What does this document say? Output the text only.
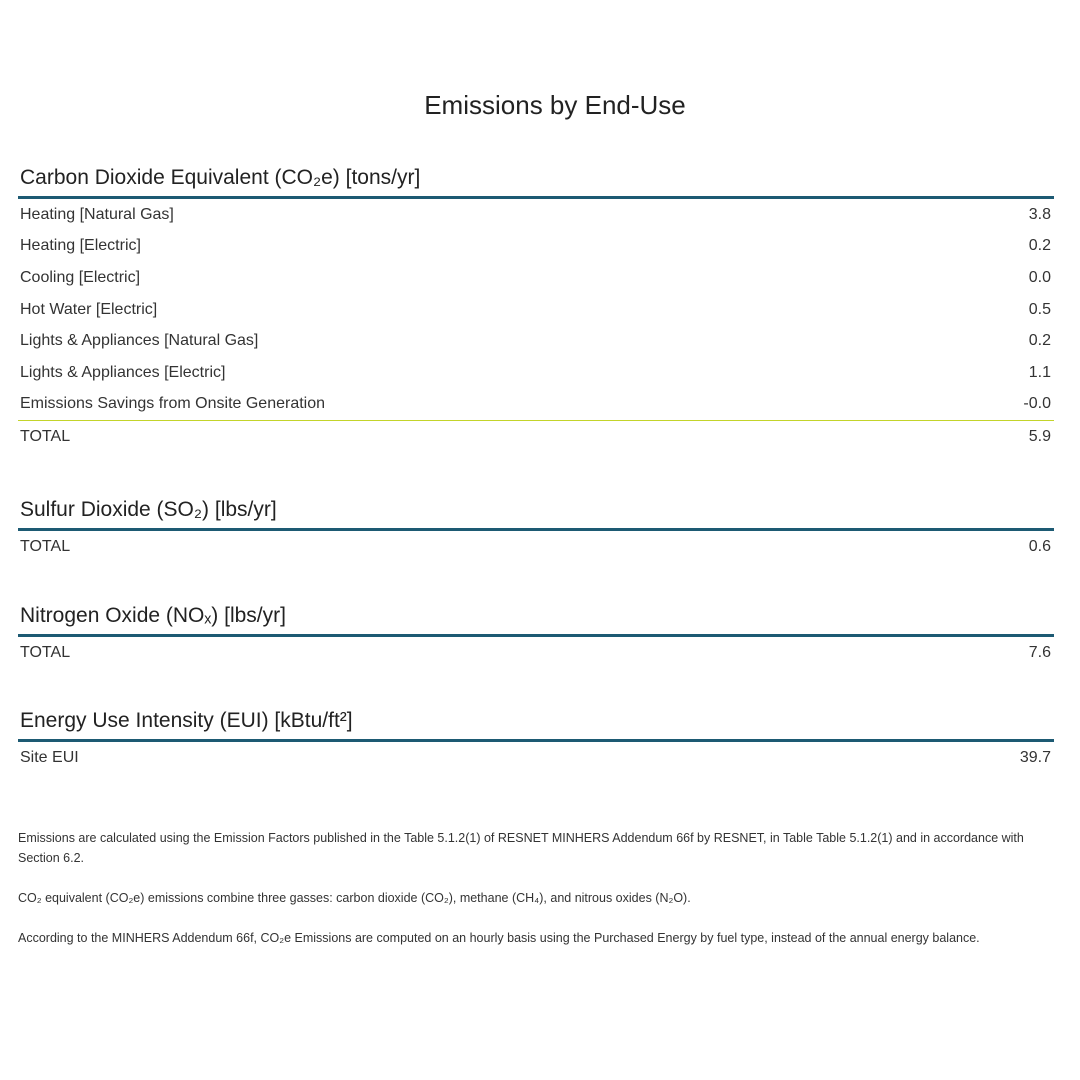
Emissions by End-Use
Carbon Dioxide Equivalent (CO₂e) [tons/yr]
Heating [Natural Gas]	3.8
Heating [Electric]	0.2
Cooling [Electric]	0.0
Hot Water [Electric]	0.5
Lights & Appliances [Natural Gas]	0.2
Lights & Appliances [Electric]	1.1
Emissions Savings from Onsite Generation	-0.0
TOTAL	5.9
Sulfur Dioxide (SO₂) [lbs/yr]
TOTAL	0.6
Nitrogen Oxide (NOₓ) [lbs/yr]
TOTAL	7.6
Energy Use Intensity (EUI) [kBtu/ft²]
Site EUI	39.7

Emissions are calculated using the Emission Factors published in the Table 5.1.2(1) of RESNET MINHERS Addendum 66f by RESNET, in Table Table 5.1.2(1) and in accordance with Section 6.2.

CO₂ equivalent (CO₂e) emissions combine three gasses: carbon dioxide (CO₂), methane (CH₄), and nitrous oxides (N₂O).

According to the MINHERS Addendum 66f, CO₂e Emissions are computed on an hourly basis using the Purchased Energy by fuel type, instead of the annual energy balance.
